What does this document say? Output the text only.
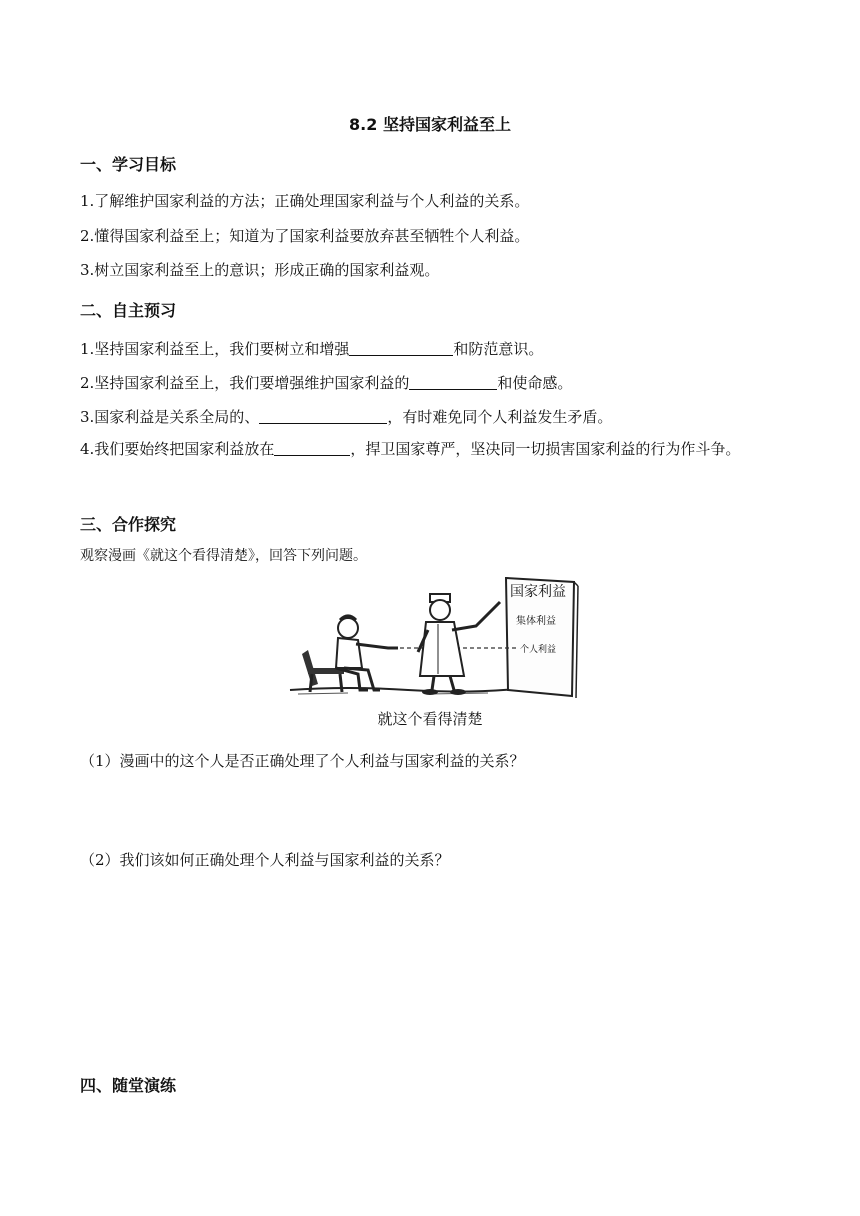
8.2 坚持国家利益至上
一、学习目标
1.了解维护国家利益的方法；正确处理国家利益与个人利益的关系。
2.懂得国家利益至上；知道为了国家利益要放弃甚至牺牲个人利益。
3.树立国家利益至上的意识；形成正确的国家利益观。
二、自主预习
1.坚持国家利益至上，我们要树立和增强	和防范意识。
2.坚持国家利益至上，我们要增强维护国家利益的	和使命感。
3.国家利益是关系全局的、	，有时难免同个人利益发生矛盾。
4.我们要始终把国家利益放在	，捍卫国家尊严，坚决同一切损害国家利益的行为作斗争。
三、合作探究
观察漫画《就这个看得清楚》，回答下列问题。
国家利益
集体利益
个人利益
就这个看得清楚
（1）漫画中的这个人是否正确处理了个人利益与国家利益的关系？
（2）我们该如何正确处理个人利益与国家利益的关系？
四、随堂演练
